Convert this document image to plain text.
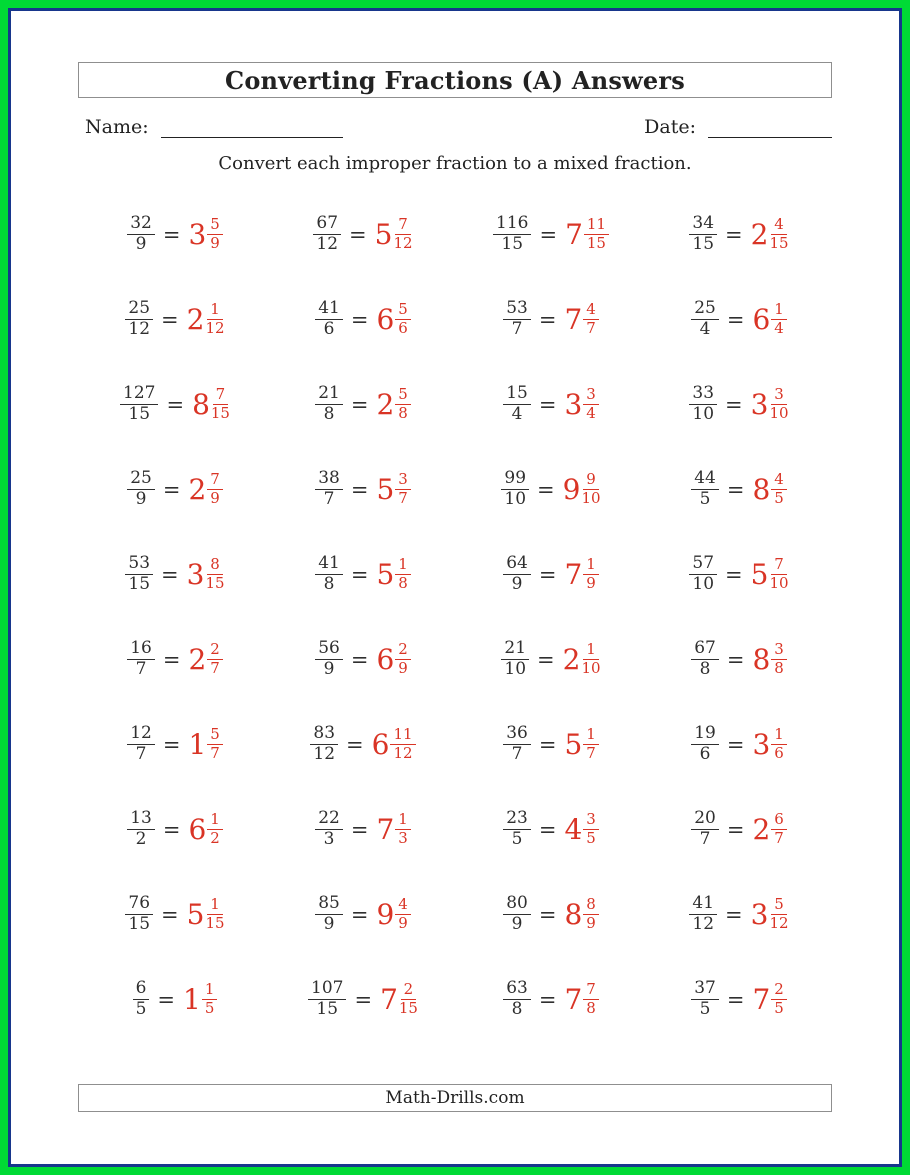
Converting Fractions (A) Answers
Name:	Date:

Convert each improper fraction to a mixed fraction.

$\frac{32}{9} = 3 \frac{5}{9}$	$\frac{67}{12} = 5 \frac{7}{12}$	$\frac{116}{15} = 7 \frac{11}{15}$	$\frac{34}{15} = 2 \frac{4}{15}$
$\frac{25}{12} = 2 \frac{1}{12}$	$\frac{41}{6} = 6 \frac{5}{6}$	$\frac{53}{7} = 7 \frac{4}{7}$	$\frac{25}{4} = 6 \frac{1}{4}$
$\frac{127}{15} = 8 \frac{7}{15}$	$\frac{21}{8} = 2 \frac{5}{8}$	$\frac{15}{4} = 3 \frac{3}{4}$	$\frac{33}{10} = 3 \frac{3}{10}$
$\frac{25}{9} = 2 \frac{7}{9}$	$\frac{38}{7} = 5 \frac{3}{7}$	$\frac{99}{10} = 9 \frac{9}{10}$	$\frac{44}{5} = 8 \frac{4}{5}$
$\frac{53}{15} = 3 \frac{8}{15}$	$\frac{41}{8} = 5 \frac{1}{8}$	$\frac{64}{9} = 7 \frac{1}{9}$	$\frac{57}{10} = 5 \frac{7}{10}$
$\frac{16}{7} = 2 \frac{2}{7}$	$\frac{56}{9} = 6 \frac{2}{9}$	$\frac{21}{10} = 2 \frac{1}{10}$	$\frac{67}{8} = 8 \frac{3}{8}$
$\frac{12}{7} = 1 \frac{5}{7}$	$\frac{83}{12} = 6 \frac{11}{12}$	$\frac{36}{7} = 5 \frac{1}{7}$	$\frac{19}{6} = 3 \frac{1}{6}$
$\frac{13}{2} = 6 \frac{1}{2}$	$\frac{22}{3} = 7 \frac{1}{3}$	$\frac{23}{5} = 4 \frac{3}{5}$	$\frac{20}{7} = 2 \frac{6}{7}$
$\frac{76}{15} = 5 \frac{1}{15}$	$\frac{85}{9} = 9 \frac{4}{9}$	$\frac{80}{9} = 8 \frac{8}{9}$	$\frac{41}{12} = 3 \frac{5}{12}$
$\frac{6}{5} = 1 \frac{1}{5}$	$\frac{107}{15} = 7 \frac{2}{15}$	$\frac{63}{8} = 7 \frac{7}{8}$	$\frac{37}{5} = 7 \frac{2}{5}$
Math-Drills.com
